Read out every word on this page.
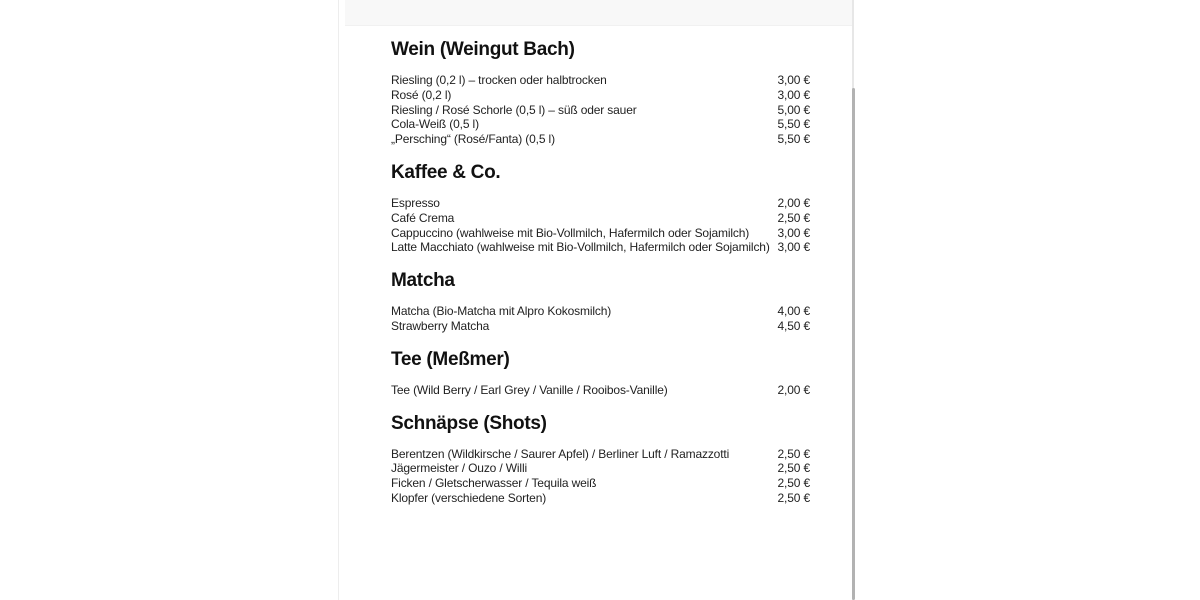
Wein (Weingut Bach)
Riesling (0,2 l) – trocken oder halbtrocken	3,00 €
Rosé (0,2 l)	3,00 €
Riesling / Rosé Schorle (0,5 l) – süß oder sauer	5,00 €
Cola-Weiß (0,5 l)	5,50 €
„Persching“ (Rosé/Fanta) (0,5 l)	5,50 €
Kaffee & Co.
Espresso	2,00 €
Café Crema	2,50 €
Cappuccino (wahlweise mit Bio-Vollmilch, Hafermilch oder Sojamilch) 3,00 €
Latte Macchiato (wahlweise mit Bio-Vollmilch, Hafermilch oder Sojamilch) 3,00 €
Matcha
Matcha (Bio-Matcha mit Alpro Kokosmilch)	4,00 €
Strawberry Matcha	4,50 €
Tee (Meßmer)
Tee (Wild Berry / Earl Grey / Vanille / Rooibos-Vanille)	2,00 €
Schnäpse (Shots)
Berentzen (Wildkirsche / Saurer Apfel) / Berliner Luft / Ramazzotti	2,50 €
Jägermeister / Ouzo / Willi	2,50 €
Ficken / Gletscherwasser / Tequila weiß	2,50 €
Klopfer (verschiedene Sorten)	2,50 €
